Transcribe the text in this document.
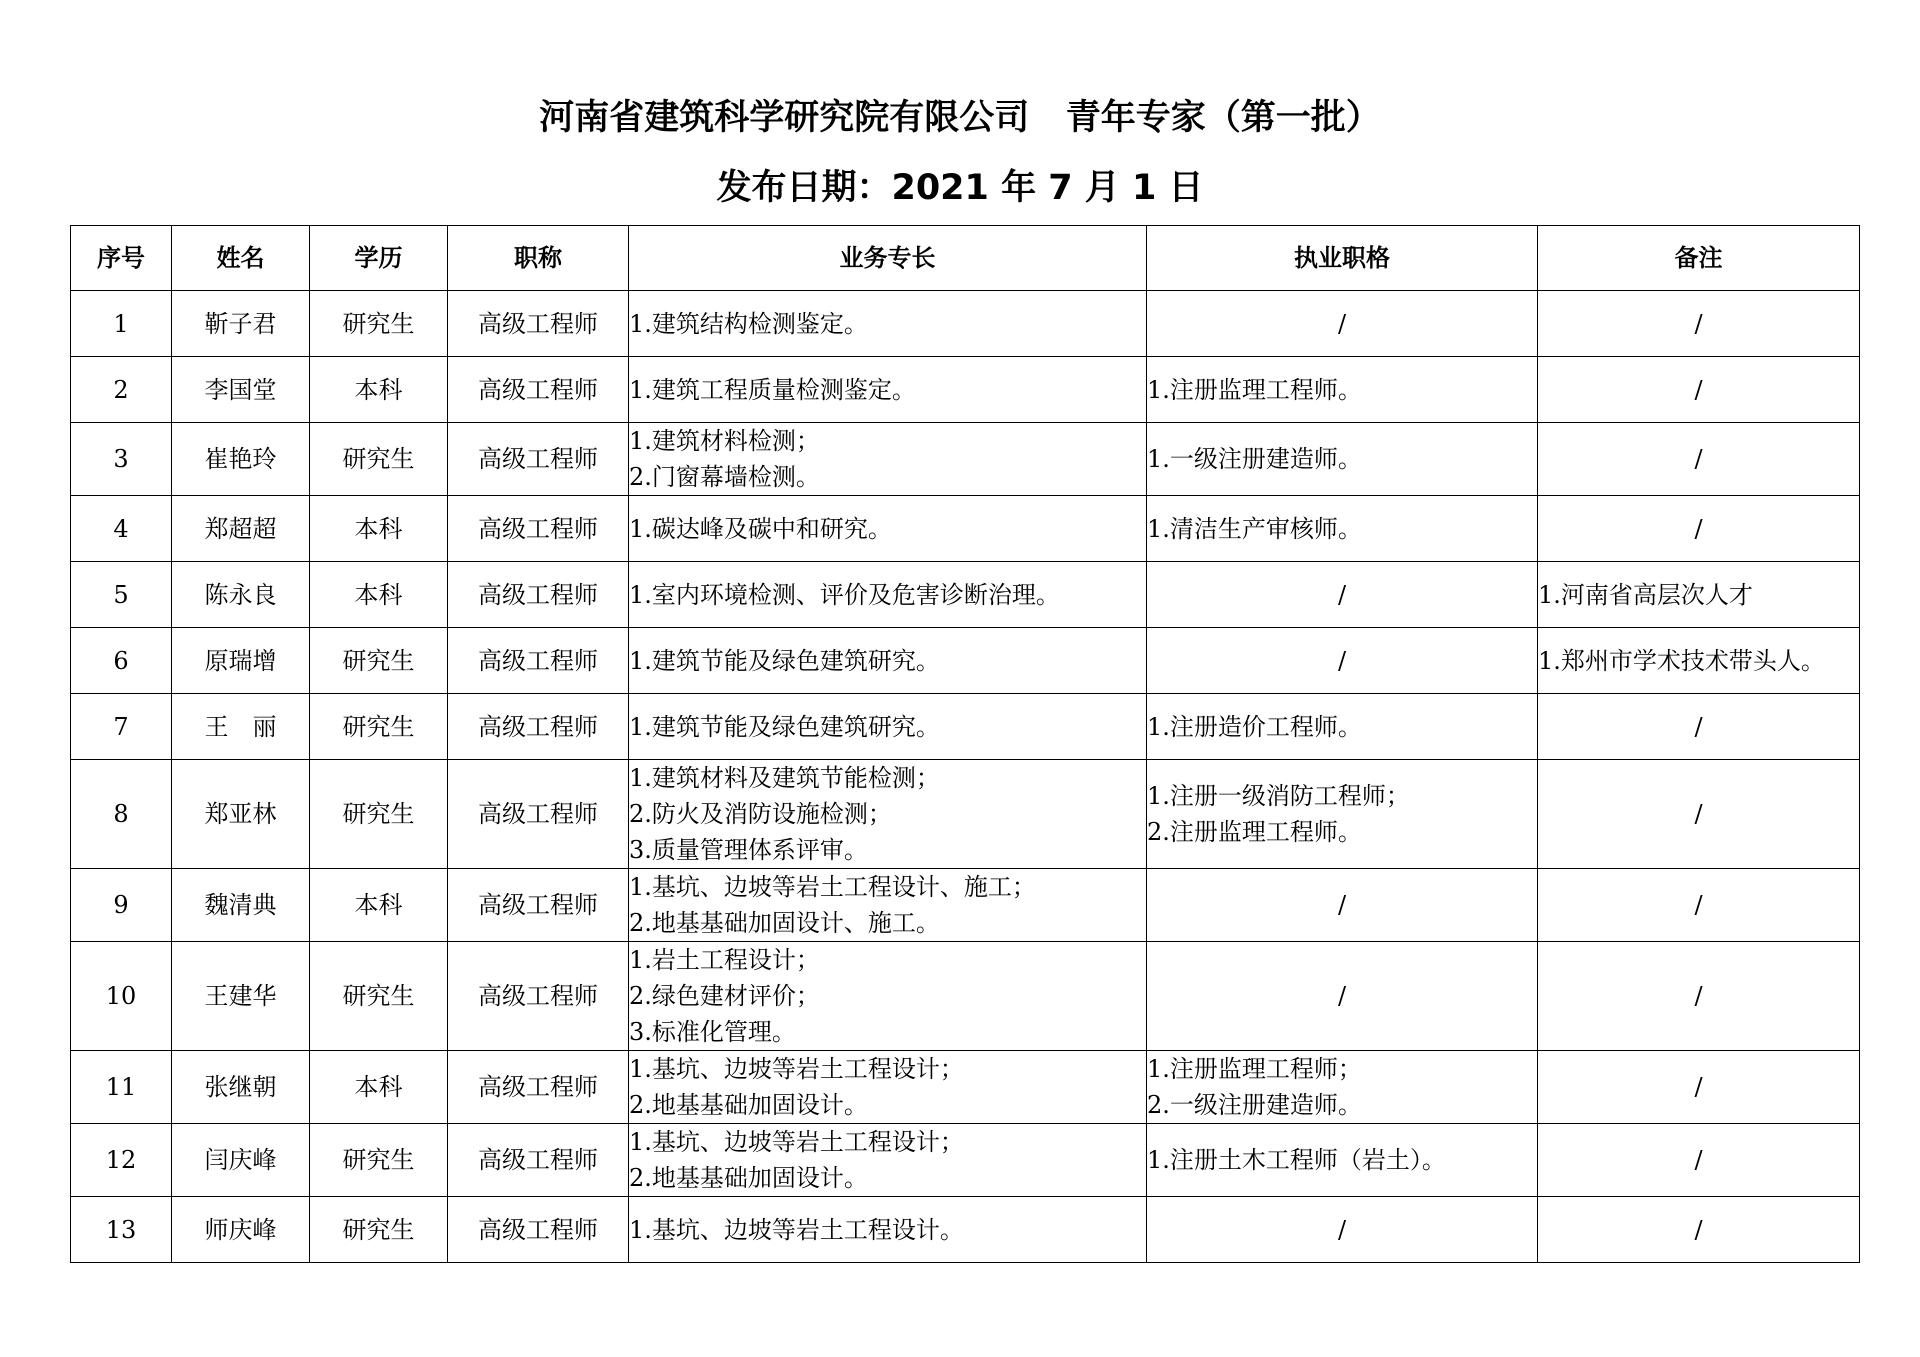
河南省建筑科学研究院有限公司   青年专家（第一批）
发布日期：2021 年 7 月 1 日
序号	姓名	学历	职称	业务专长	执业职格	备注
1	靳子君	研究生	高级工程师	1.建筑结构检测鉴定。	/	/

2	李国堂	本科	高级工程师	1.建筑工程质量检测鉴定。	1.注册监理工程师。	/

3	崔艳玲	研究生	高级工程师	1.建筑材料检测；
2.门窗幕墙检测。	1.一级注册建造师。	/

4	郑超超	本科	高级工程师	1.碳达峰及碳中和研究。	1.清洁生产审核师。	/

5	陈永良	本科	高级工程师	1.室内环境检测、评价及危害诊断治理。	/	1.河南省高层次人才

6	原瑞增	研究生	高级工程师	1.建筑节能及绿色建筑研究。	/	1.郑州市学术技术带头人。

7	王　丽	研究生	高级工程师	1.建筑节能及绿色建筑研究。	1.注册造价工程师。	/

8	郑亚林	研究生	高级工程师	1.建筑材料及建筑节能检测；
2.防火及消防设施检测；
3.质量管理体系评审。	1.注册一级消防工程师；
2.注册监理工程师。	/

9	魏清典	本科	高级工程师	1.基坑、边坡等岩土工程设计、施工；
2.地基基础加固设计、施工。	/	/

10	王建华	研究生	高级工程师	1.岩土工程设计；
2.绿色建材评价；
3.标准化管理。	/	/

11	张继朝	本科	高级工程师	1.基坑、边坡等岩土工程设计；
2.地基基础加固设计。	1.注册监理工程师；
2.一级注册建造师。	/

12	闫庆峰	研究生	高级工程师	1.基坑、边坡等岩土工程设计；
2.地基基础加固设计。	1.注册土木工程师（岩土）。	/

13	师庆峰	研究生	高级工程师	1.基坑、边坡等岩土工程设计。	/	/
